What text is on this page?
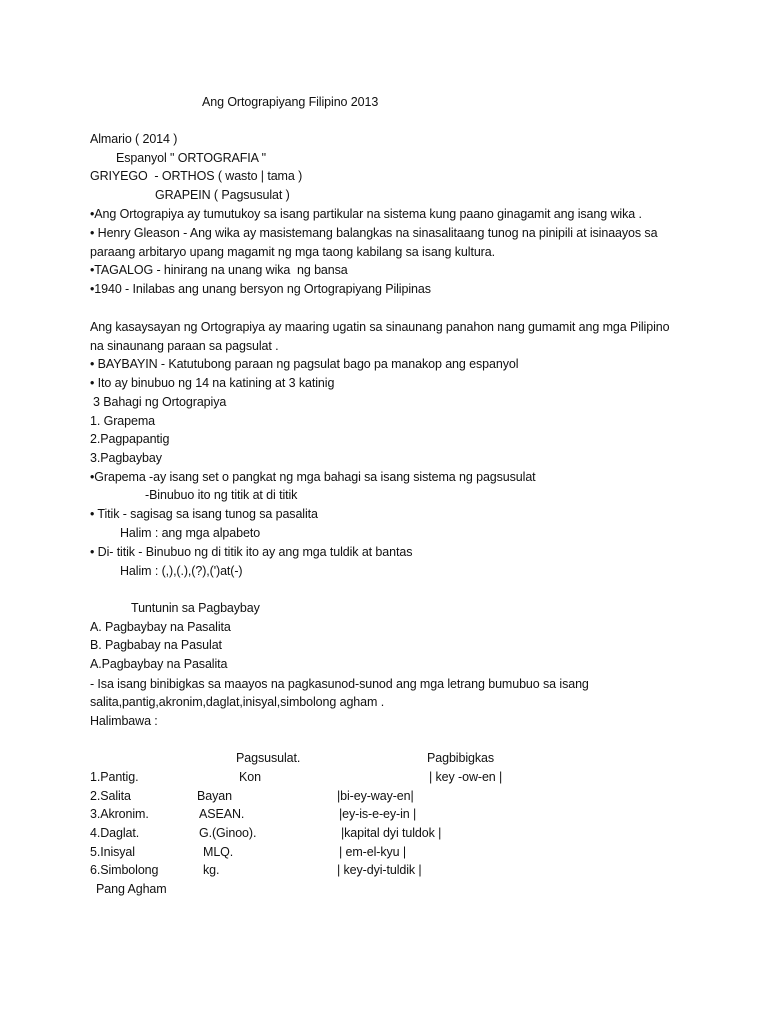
Ang Ortograpiyang Filipino 2013
Almario ( 2014 )
Espanyol " ORTOGRAFIA "
GRIYEGO  - ORTHOS ( wasto | tama )
GRAPEIN ( Pagsusulat )
•Ang Ortograpiya ay tumutukoy sa isang partikular na sistema kung paano ginagamit ang isang wika .
• Henry Gleason - Ang wika ay masistemang balangkas na sinasalitaang tunog na pinipili at isinaayos sa
paraang arbitaryo upang magamit ng mga taong kabilang sa isang kultura.
•TAGALOG - hinirang na unang wika  ng bansa
•1940 - Inilabas ang unang bersyon ng Ortograpiyang Pilipinas
Ang kasaysayan ng Ortograpiya ay maaring ugatin sa sinaunang panahon nang gumamit ang mga Pilipino
na sinaunang paraan sa pagsulat .
• BAYBAYIN - Katutubong paraan ng pagsulat bago pa manakop ang espanyol
• Ito ay binubuo ng 14 na katining at 3 katinig
3 Bahagi ng Ortograpiya
1. Grapema
2.Pagpapantig
3.Pagbaybay
•Grapema -ay isang set o pangkat ng mga bahagi sa isang sistema ng pagsusulat
-Binubuo ito ng titik at di titik
• Titik - sagisag sa isang tunog sa pasalita
Halim : ang mga alpabeto
• Di- titik - Binubuo ng di titik ito ay ang mga tuldik at bantas
Halim : (,),(.),(?),(')at(-)
Tuntunin sa Pagbaybay
A. Pagbaybay na Pasalita
B. Pagbabay na Pasulat
A.Pagbaybay na Pasalita
- Isa isang binibigkas sa maayos na pagkasunod-sunod ang mga letrang bumubuo sa isang
salita,pantig,akronim,daglat,inisyal,simbolong agham .
Halimbawa :
Pagsusulat.	Pagbibigkas
1.Pantig.	Kon	| key -ow-en |
2.Salita	Bayan	|bi-ey-way-en|
3.Akronim.	ASEAN.	|ey-is-e-ey-in |
4.Daglat.	G.(Ginoo).	|kapital dyi tuldok |
5.Inisyal	MLQ.	| em-el-kyu |
6.Simbolong	kg.	| key-dyi-tuldik |
Pang Agham
